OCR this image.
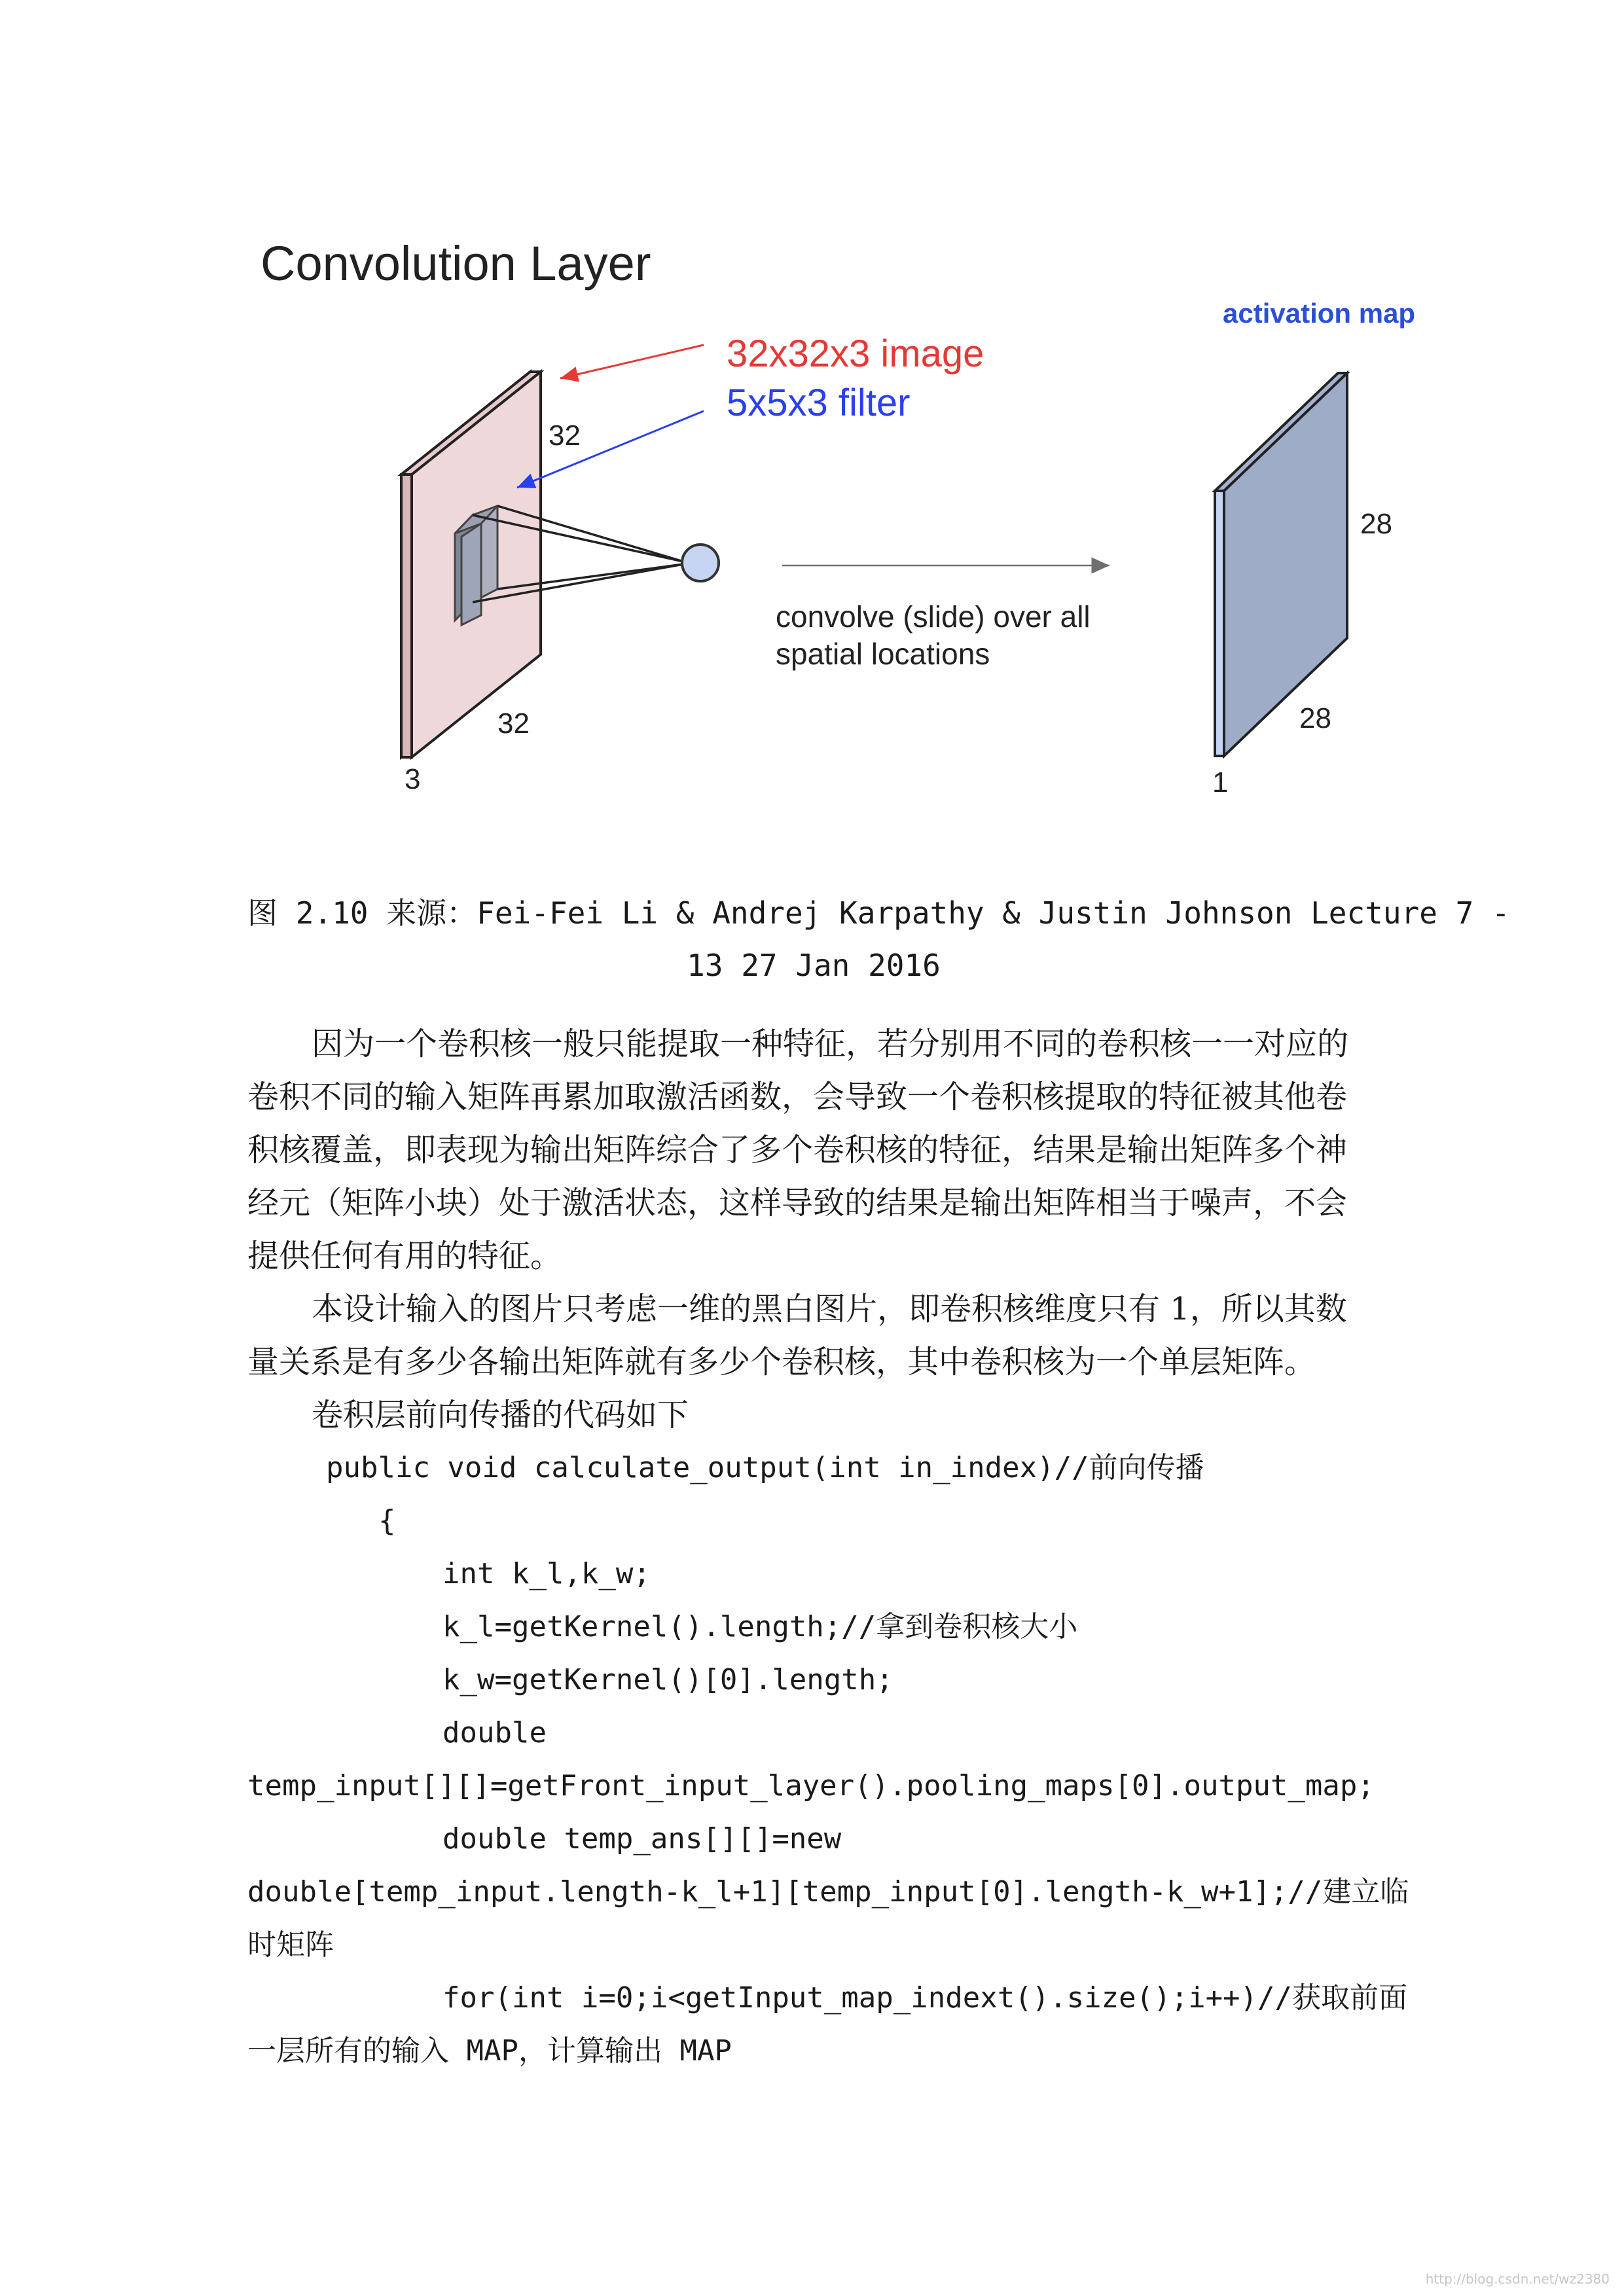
Convolution Layer
32x32x3 image
5x5x3 filter
activation map
32
32
3
convolve (slide) over all
spatial locations
28
28
1
图 2.10 来源：Fei-Fei Li & Andrej Karpathy & Justin Johnson Lecture 7 -
13 27 Jan 2016
因为一个卷积核一般只能提取一种特征，若分别用不同的卷积核一一对应的
卷积不同的输入矩阵再累加取激活函数，会导致一个卷积核提取的特征被其他卷
积核覆盖，即表现为输出矩阵综合了多个卷积核的特征，结果是输出矩阵多个神
经元（矩阵小块）处于激活状态，这样导致的结果是输出矩阵相当于噪声，不会
提供任何有用的特征。
本设计输入的图片只考虑一维的黑白图片，即卷积核维度只有 1，所以其数
量关系是有多少各输出矩阵就有多少个卷积核，其中卷积核为一个单层矩阵。
卷积层前向传播的代码如下
public void calculate_output(int in_index)//前向传播
{
int k_l,k_w;
k_l=getKernel().length;//拿到卷积核大小
k_w=getKernel()[0].length;
double
temp_input[][]=getFront_input_layer().pooling_maps[0].output_map;
double temp_ans[][]=new
double[temp_input.length-k_l+1][temp_input[0].length-k_w+1];//建立临
时矩阵
for(int i=0;i<getInput_map_indext().size();i++)//获取前面
一层所有的输入 MAP，计算输出 MAP
http://blog.csdn.net/wz2380
